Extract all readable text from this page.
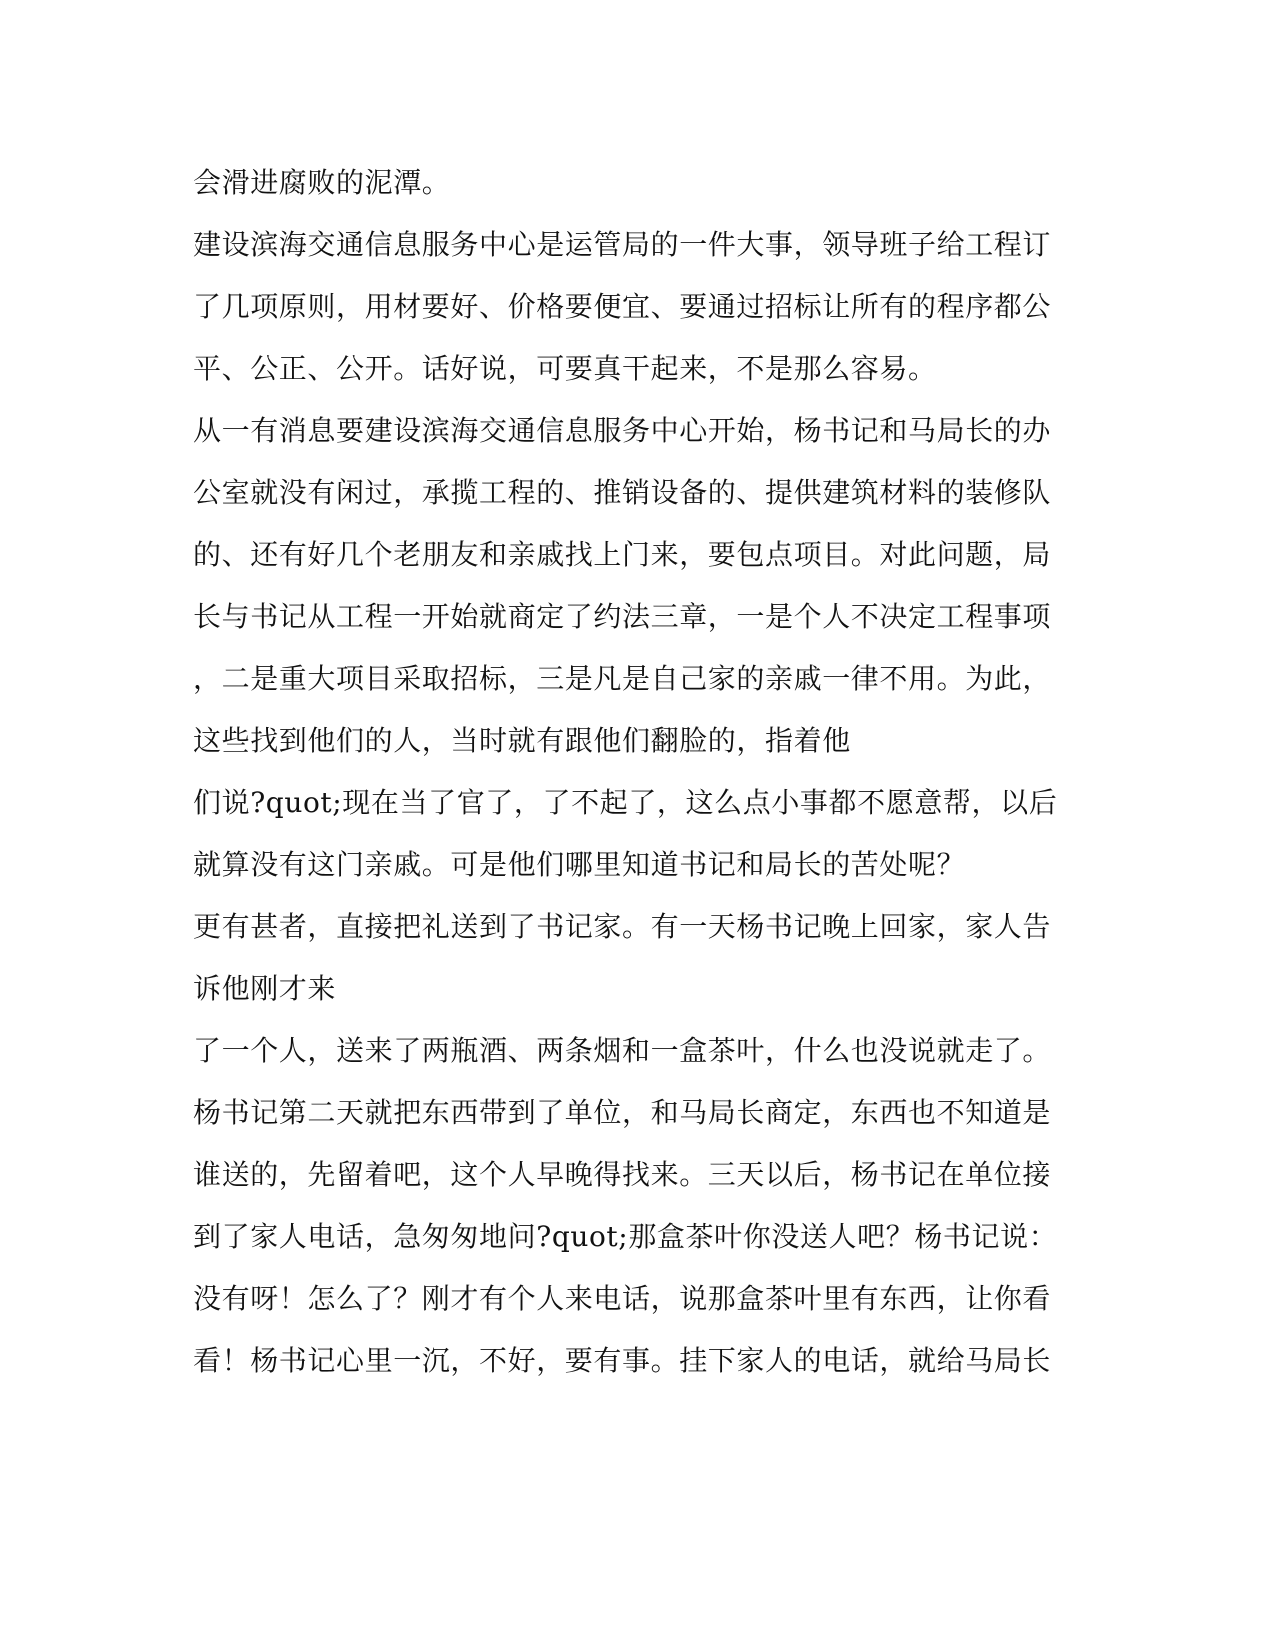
会滑进腐败的泥潭。
建设滨海交通信息服务中心是运管局的一件大事，领导班子给工程订
了几项原则，用材要好、价格要便宜、要通过招标让所有的程序都公
平、公正、公开。话好说，可要真干起来，不是那么容易。
从一有消息要建设滨海交通信息服务中心开始，杨书记和马局长的办
公室就没有闲过，承揽工程的、推销设备的、提供建筑材料的装修队
的、还有好几个老朋友和亲戚找上门来，要包点项目。对此问题，局
长与书记从工程一开始就商定了约法三章，一是个人不决定工程事项
，二是重大项目采取招标，三是凡是自己家的亲戚一律不用。为此，
这些找到他们的人，当时就有跟他们翻脸的，指着他
们说?quot;现在当了官了，了不起了，这么点小事都不愿意帮，以后
就算没有这门亲戚。可是他们哪里知道书记和局长的苦处呢？
更有甚者，直接把礼送到了书记家。有一天杨书记晚上回家，家人告
诉他刚才来
了一个人，送来了两瓶酒、两条烟和一盒茶叶，什么也没说就走了。
杨书记第二天就把东西带到了单位，和马局长商定，东西也不知道是
谁送的，先留着吧，这个人早晚得找来。三天以后，杨书记在单位接
到了家人电话，急匆匆地问?quot;那盒茶叶你没送人吧？杨书记说：
没有呀！怎么了？刚才有个人来电话，说那盒茶叶里有东西，让你看
看！杨书记心里一沉，不好，要有事。挂下家人的电话，就给马局长
